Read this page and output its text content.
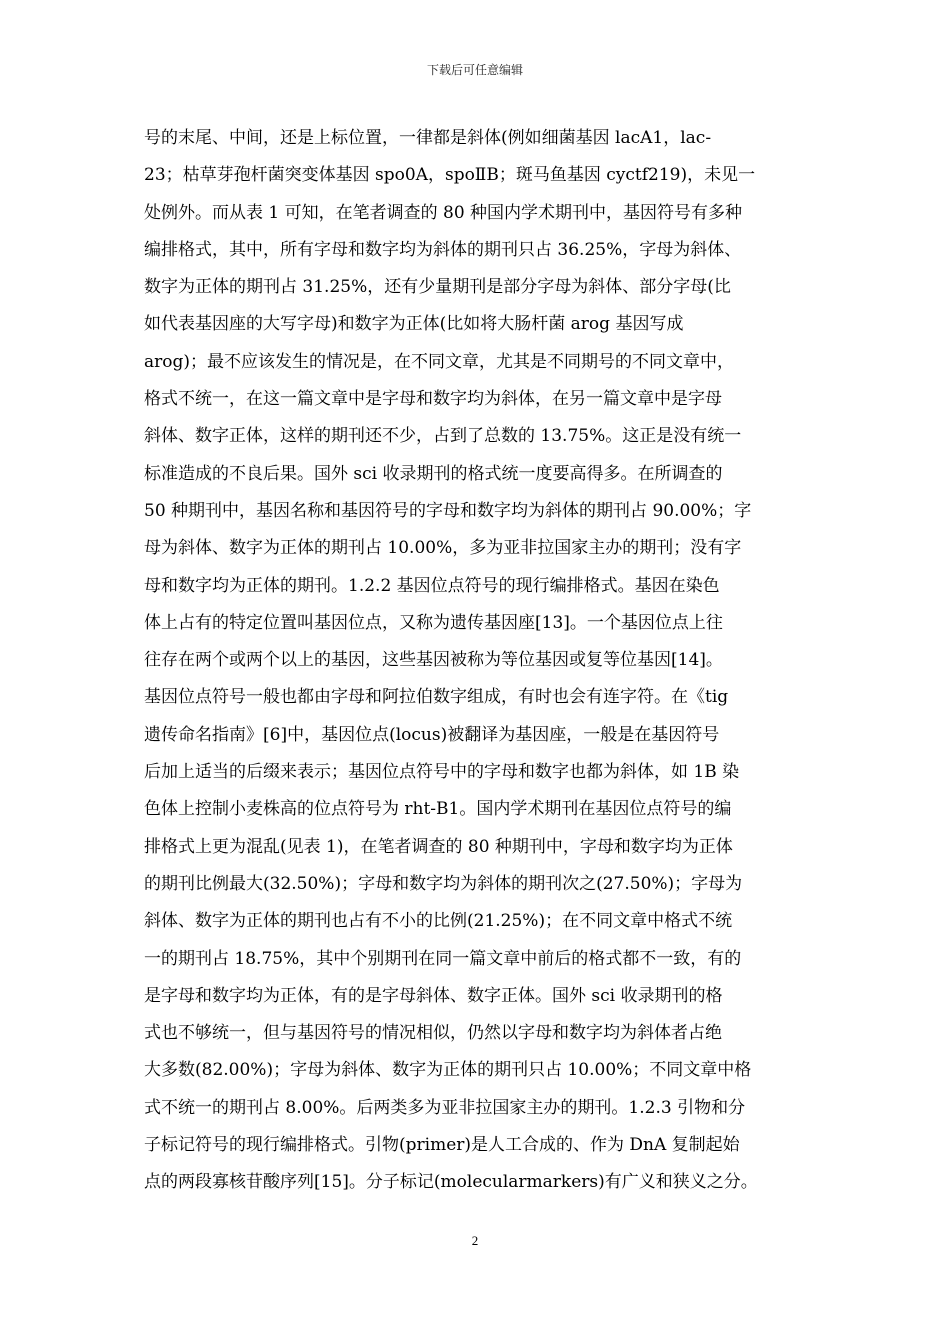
下载后可任意编辑
号的末尾、中间，还是上标位置，一律都是斜体(例如细菌基因 lacA1，lac-
23；枯草芽孢杆菌突变体基因 spo0A，spoⅡB；斑马鱼基因 cyctf219)，未见一
处例外。而从表 1 可知，在笔者调查的 80 种国内学术期刊中，基因符号有多种
编排格式，其中，所有字母和数字均为斜体的期刊只占 36.25%，字母为斜体、
数字为正体的期刊占 31.25%，还有少量期刊是部分字母为斜体、部分字母(比
如代表基因座的大写字母)和数字为正体(比如将大肠杆菌 arog 基因写成
arog)；最不应该发生的情况是，在不同文章，尤其是不同期号的不同文章中，
格式不统一，在这一篇文章中是字母和数字均为斜体，在另一篇文章中是字母
斜体、数字正体，这样的期刊还不少，占到了总数的 13.75%。这正是没有统一
标准造成的不良后果。国外 sci 收录期刊的格式统一度要高得多。在所调查的
50 种期刊中，基因名称和基因符号的字母和数字均为斜体的期刊占 90.00%；字
母为斜体、数字为正体的期刊占 10.00%，多为亚非拉国家主办的期刊；没有字
母和数字均为正体的期刊。1.2.2 基因位点符号的现行编排格式。基因在染色
体上占有的特定位置叫基因位点，又称为遗传基因座[13]。一个基因位点上往
往存在两个或两个以上的基因，这些基因被称为等位基因或复等位基因[14]。
基因位点符号一般也都由字母和阿拉伯数字组成，有时也会有连字符。在《tig
遗传命名指南》[6]中，基因位点(locus)被翻译为基因座，一般是在基因符号
后加上适当的后缀来表示；基因位点符号中的字母和数字也都为斜体，如 1B 染
色体上控制小麦株高的位点符号为 rht-B1。国内学术期刊在基因位点符号的编
排格式上更为混乱(见表 1)，在笔者调查的 80 种期刊中，字母和数字均为正体
的期刊比例最大(32.50%)；字母和数字均为斜体的期刊次之(27.50%)；字母为
斜体、数字为正体的期刊也占有不小的比例(21.25%)；在不同文章中格式不统
一的期刊占 18.75%，其中个别期刊在同一篇文章中前后的格式都不一致，有的
是字母和数字均为正体，有的是字母斜体、数字正体。国外 sci 收录期刊的格
式也不够统一，但与基因符号的情况相似，仍然以字母和数字均为斜体者占绝
大多数(82.00%)；字母为斜体、数字为正体的期刊只占 10.00%；不同文章中格
式不统一的期刊占 8.00%。后两类多为亚非拉国家主办的期刊。1.2.3 引物和分
子标记符号的现行编排格式。引物(primer)是人工合成的、作为 DnA 复制起始
点的两段寡核苷酸序列[15]。分子标记(molecularmarkers)有广义和狭义之分。
2
